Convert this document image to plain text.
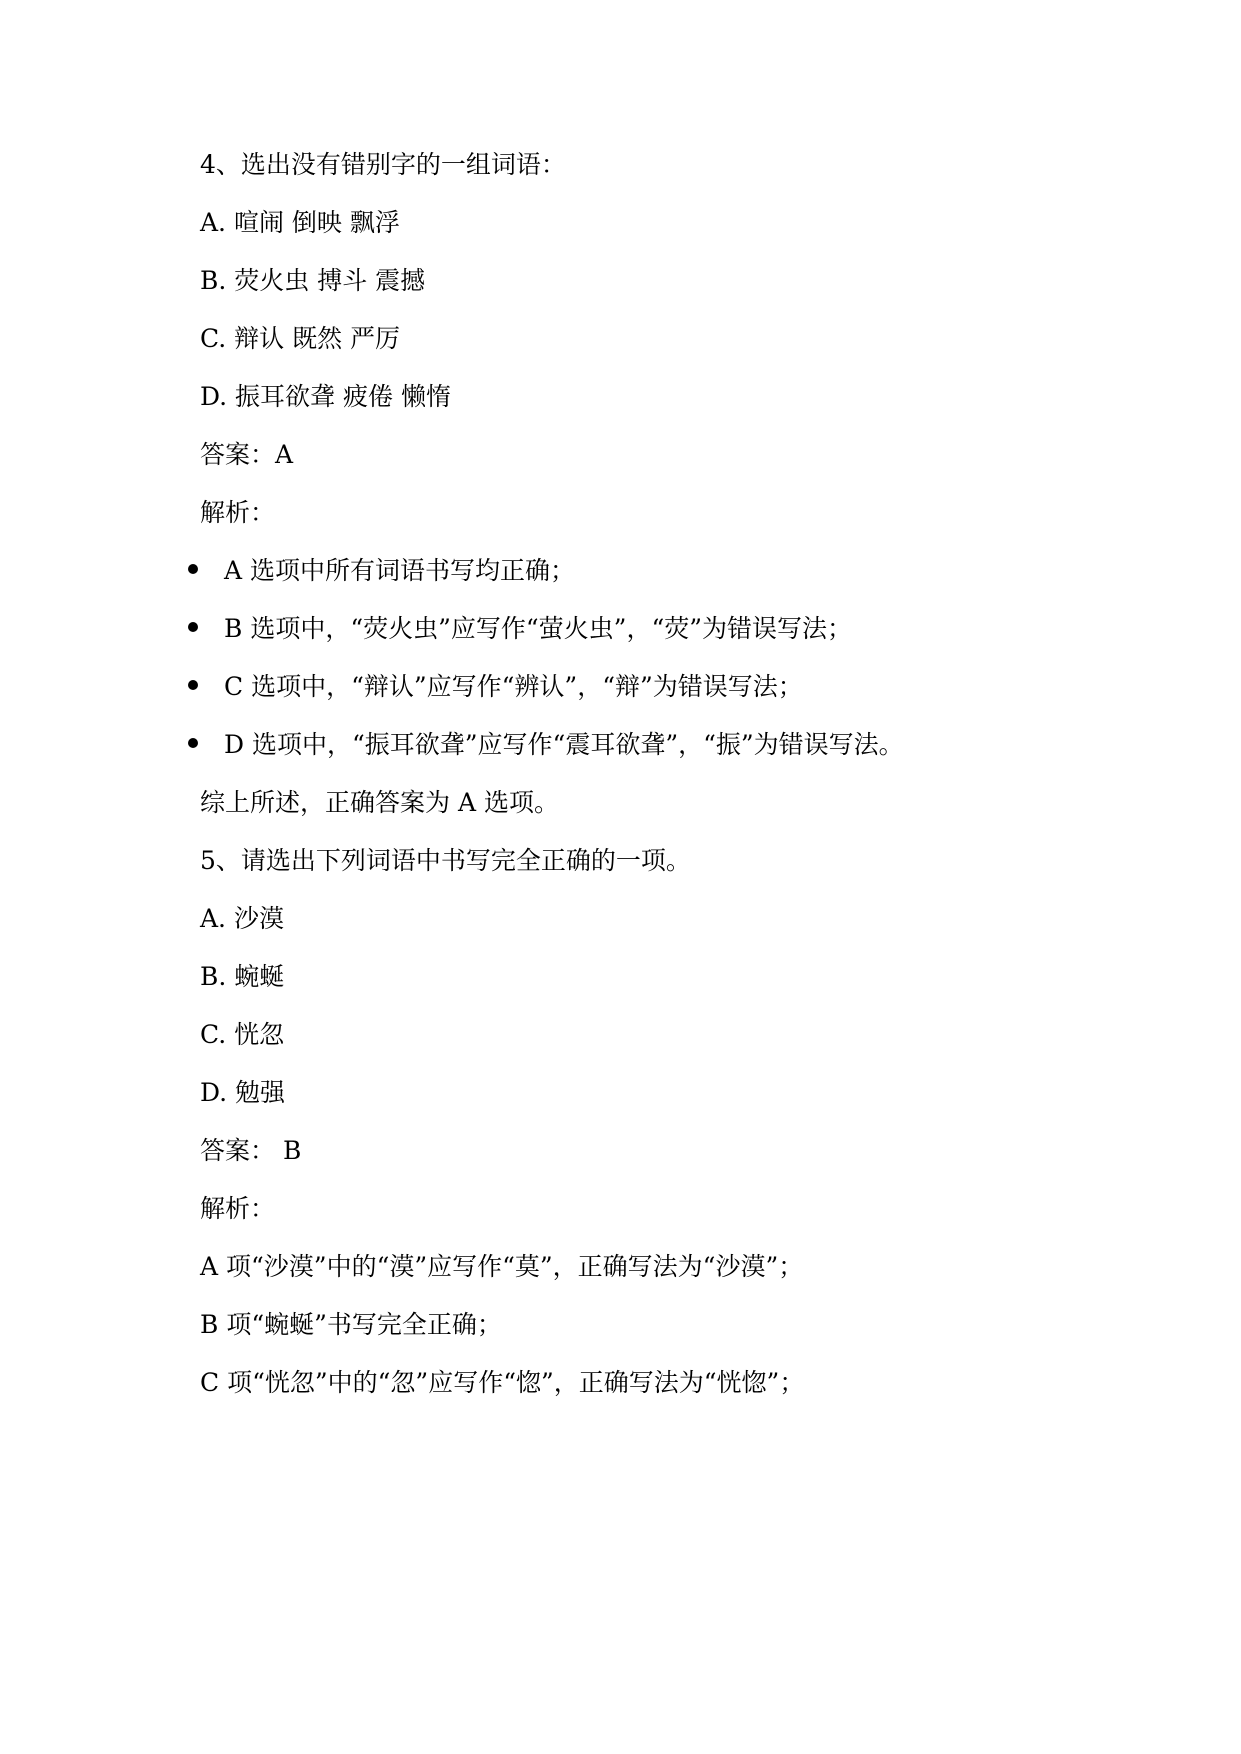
4、选出没有错别字的一组词语：
A. 喧闹 倒映 飘浮
B. 荧火虫 搏斗 震撼
C. 辩认 既然 严厉
D. 振耳欲聋 疲倦 懒惰
答案：A
解析：
A 选项中所有词语书写均正确；
B 选项中，“荧火虫”应写作“萤火虫”，“荧”为错误写法；
C 选项中，“辩认”应写作“辨认”，“辩”为错误写法；
D 选项中，“振耳欲聋”应写作“震耳欲聋”，“振”为错误写法。
综上所述，正确答案为 A 选项。
5、请选出下列词语中书写完全正确的一项。
A. 沙漠
B. 蜿蜒
C. 恍忽
D. 勉强
答案： B
解析：
A 项“沙漠”中的“漠”应写作“莫”，正确写法为“沙漠”；
B 项“蜿蜒”书写完全正确；
C 项“恍忽”中的“忽”应写作“惚”，正确写法为“恍惚”；
